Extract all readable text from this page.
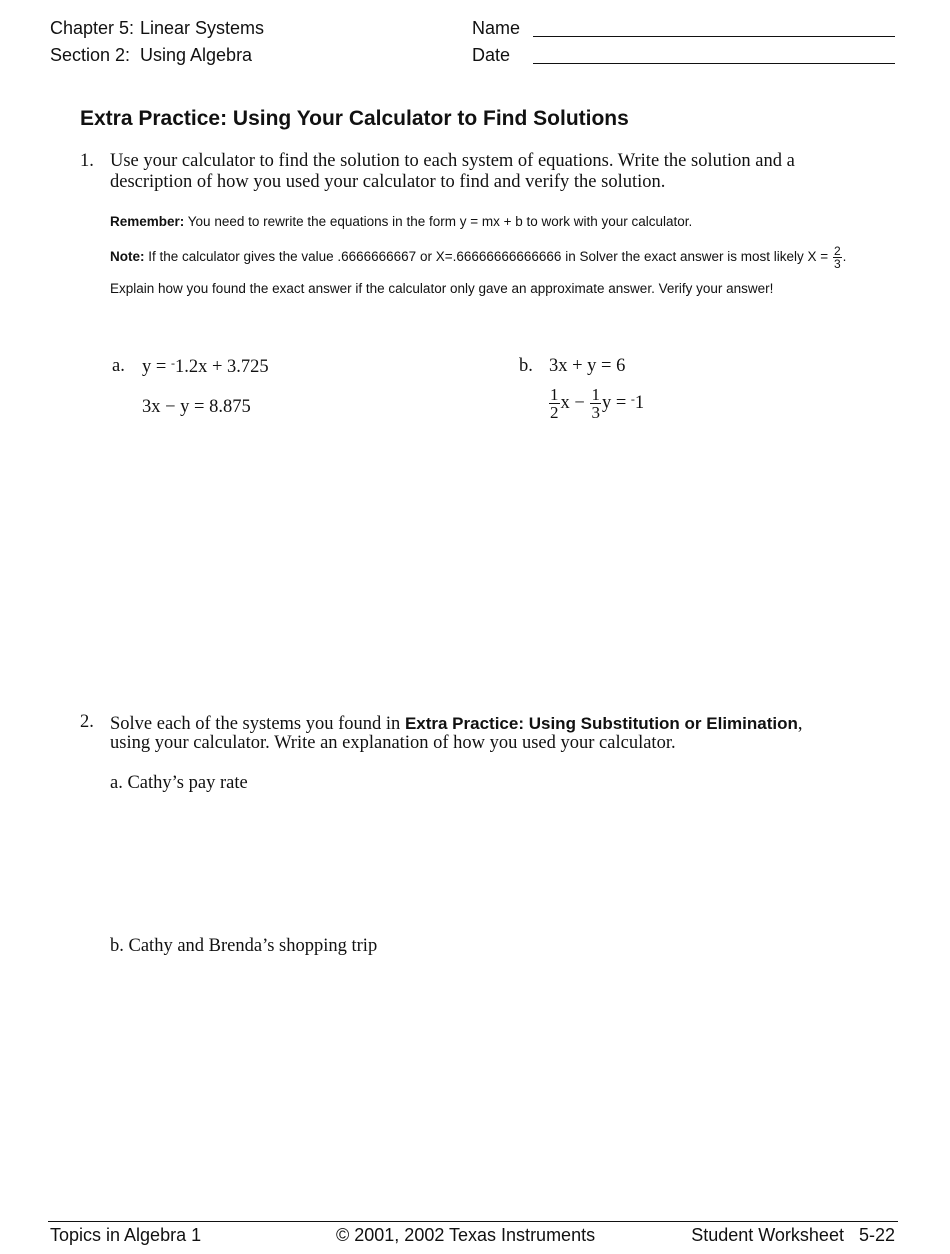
Chapter 5: Linear Systems
Section 2: Using Algebra
Name
Date
Extra Practice: Using Your Calculator to Find Solutions
1. Use your calculator to find the solution to each system of equations. Write the solution and a
description of how you used your calculator to find and verify the solution.
Remember: You need to rewrite the equations in the form y = mx + b to work with your calculator.
Note: If the calculator gives the value .6666666667 or X=.66666666666666 in Solver the exact answer is most likely $X = \frac{2}{3}$ .
Explain how you found the exact answer if the calculator only gave an approximate answer. Verify your answer!
a. y = -1.2x + 3.725
3x − y = 8.875
b. 3x + y = 6
$\frac{1}{2}$ $x - \frac{1}{3}$ y = -1
2. Solve each of the systems you found in Extra Practice: Using Substitution or Elimination,
using your calculator. Write an explanation of how you used your calculator.
a. Cathy’s pay rate
b. Cathy and Brenda’s shopping trip
Topics in Algebra 1	© 2001, 2002 Texas Instruments	Student Worksheet   5-22
